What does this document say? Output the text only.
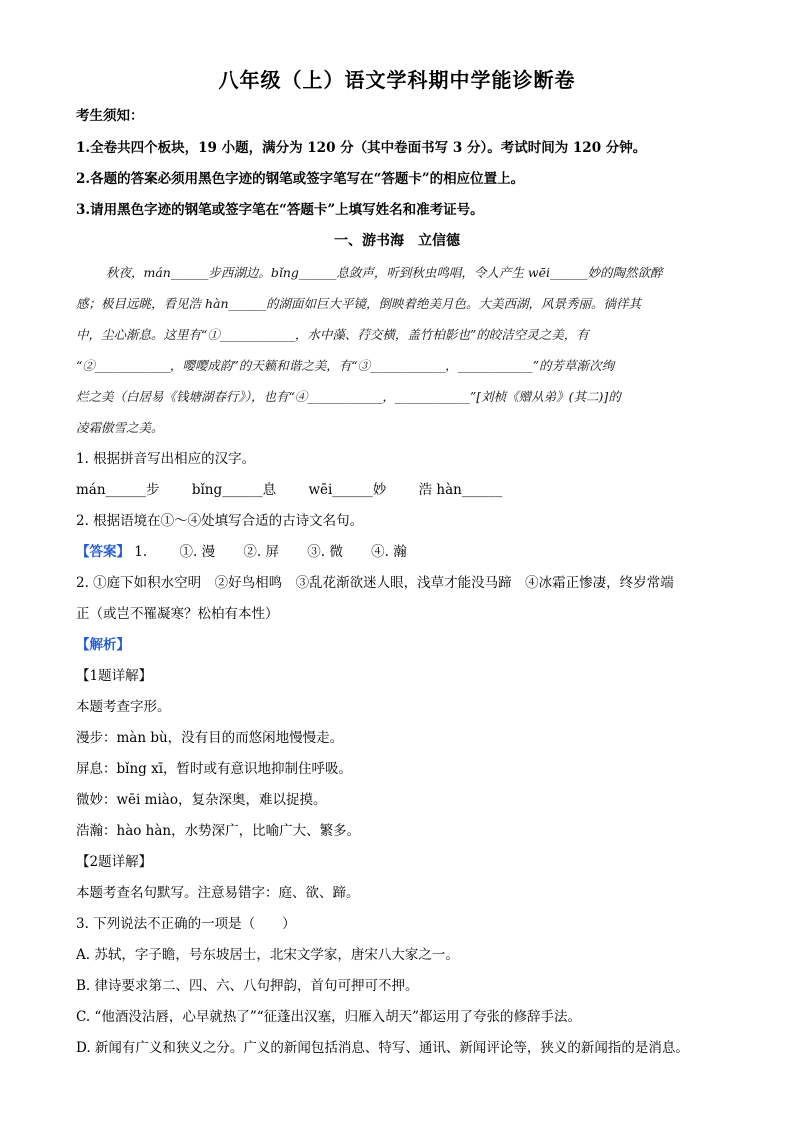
八年级（上）语文学科期中学能诊断卷
考生须知：
1.全卷共四个板块，19 小题，满分为 120 分（其中卷面书写 3 分）。考试时间为 120 分钟。
2.各题的答案必须用黑色字迹的钢笔或签字笔写在“答题卡”的相应位置上。
3.请用黑色字迹的钢笔或签字笔在“答题卡”上填写姓名和准考证号。
一、游书海　立信德
秋夜，mán______步西湖边。bǐng______息敛声，听到秋虫鸣唱，令人产生 wēi______妙的陶然欲醉
感；极目远眺，看见浩 hàn______的湖面如巨大平镜，倒映着绝美月色。大美西湖，风景秀丽。徜徉其
中，尘心渐息。这里有“①____________，水中藻、荇交横，盖竹柏影也”的皎洁空灵之美，有
“②____________，嘤嘤成韵”的天籁和谐之美，有“③____________，____________”的芳草渐次绚
烂之美（白居易《钱塘湖春行》），也有“④____________，____________”[刘桢《赠从弟》(其二)]的
凌霜傲雪之美。
1. 根据拼音写出相应的汉字。
mán______步 bǐng______息 wēi______妙 浩 hàn______
2. 根据语境在①～④处填写合适的古诗文名句。
【答案】 1. ①. 漫 ②. 屏 ③. 微 ④. 瀚
2. ①庭下如积水空明　②好鸟相鸣　③乱花渐欲迷人眼，浅草才能没马蹄　④冰霜正惨凄，终岁常端
正（或岂不罹凝寒？松柏有本性）
【解析】
【1题详解】
本题考查字形。
漫步：màn bù，没有目的而悠闲地慢慢走。
屏息：bǐng xī，暂时或有意识地抑制住呼吸。
微妙：wēi miào，复杂深奥，难以捉摸。
浩瀚：hào hàn，水势深广，比喻广大、繁多。
【2题详解】
本题考查名句默写。注意易错字：庭、欲、蹄。
3. 下列说法不正确的一项是（　　）
A. 苏轼，字子瞻，号东坡居士，北宋文学家，唐宋八大家之一。
B. 律诗要求第二、四、六、八句押韵，首句可押可不押。
C. “他酒没沾唇，心早就热了”“征蓬出汉塞，归雁入胡天”都运用了夸张的修辞手法。
D. 新闻有广义和狭义之分。广义的新闻包括消息、特写、通讯、新闻评论等，狭义的新闻指的是消息。
